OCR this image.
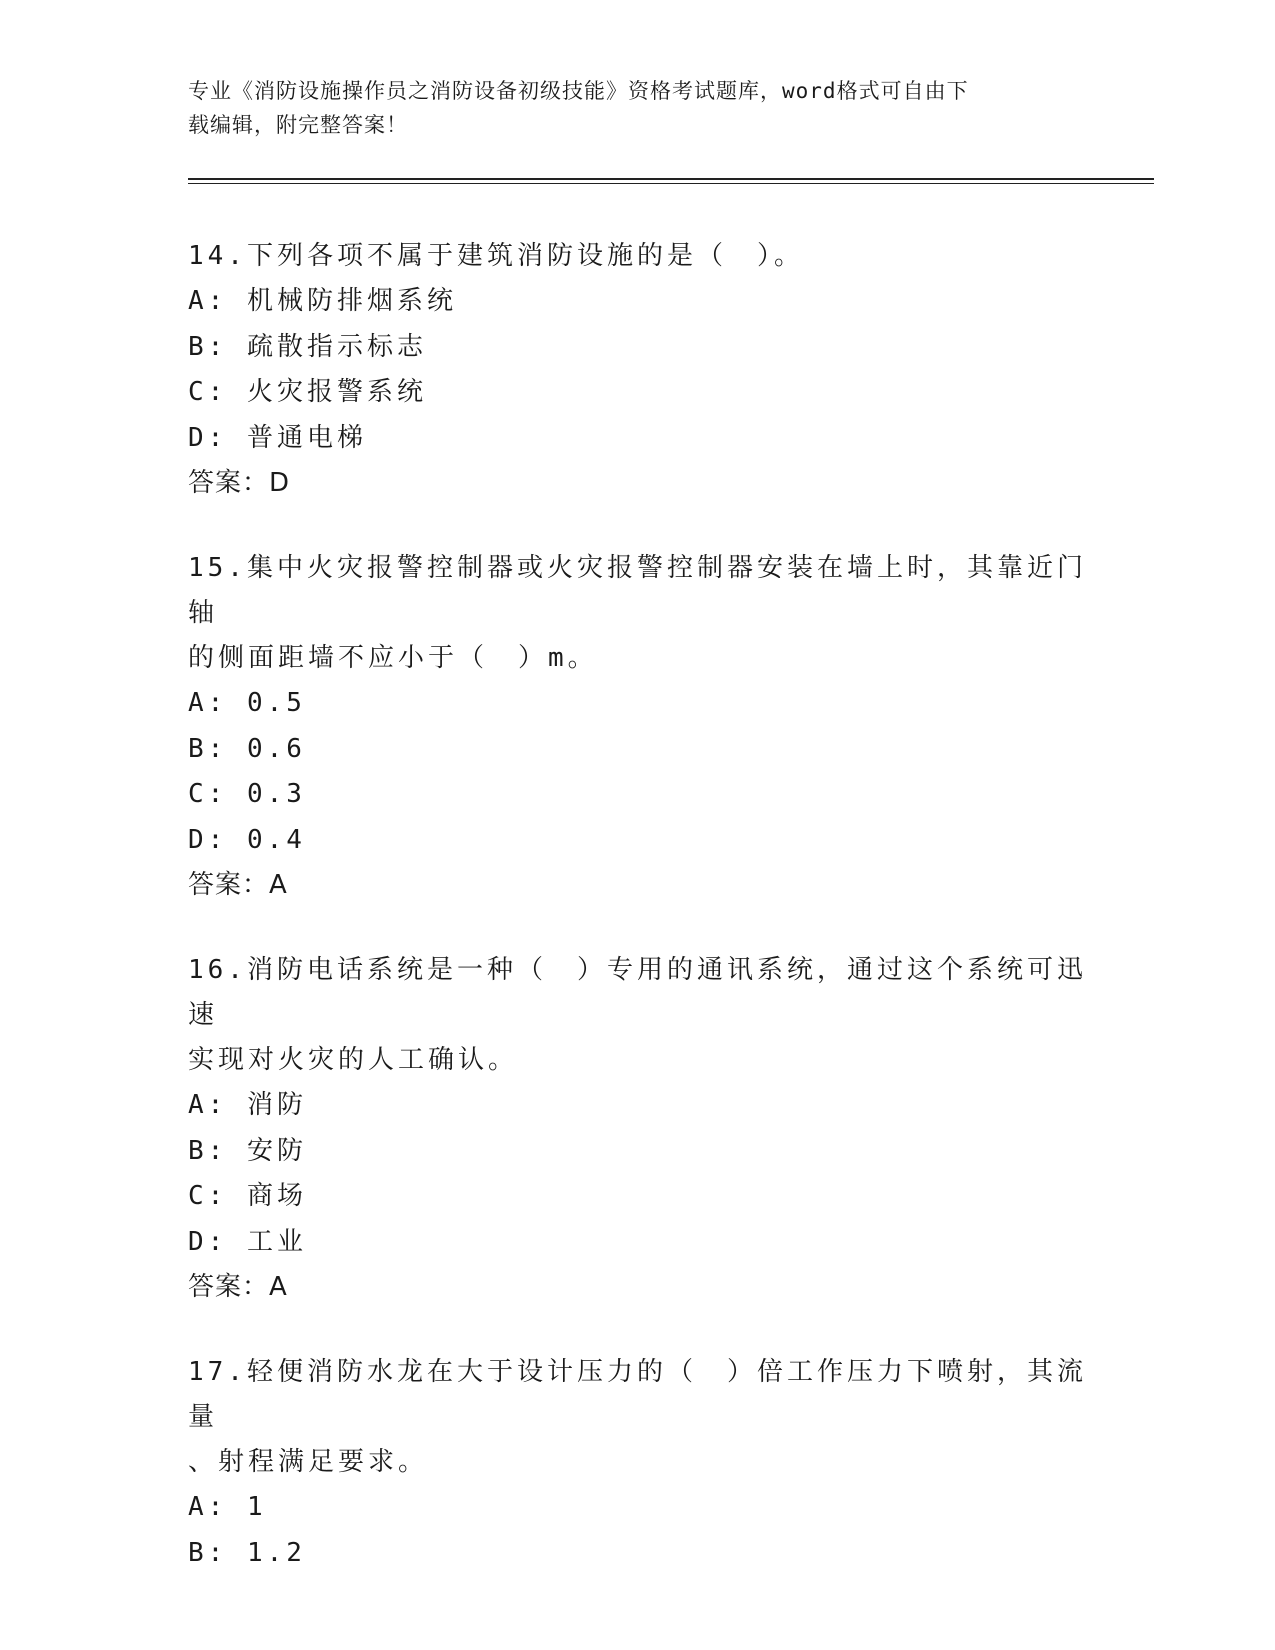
专业《消防设施操作员之消防设备初级技能》资格考试题库，word格式可自由下
载编辑，附完整答案！

14.下列各项不属于建筑消防设施的是（　）。

A: 机械防排烟系统

B: 疏散指示标志

C: 火灾报警系统

D: 普通电梯

答案：D

15.集中火灾报警控制器或火灾报警控制器安装在墙上时，其靠近门轴

的侧面距墙不应小于（　）m。

A: 0.5

B: 0.6

C: 0.3

D: 0.4

答案：A

16.消防电话系统是一种（　）专用的通讯系统，通过这个系统可迅速

实现对火灾的人工确认。

A: 消防

B: 安防

C: 商场

D: 工业

答案：A

17.轻便消防水龙在大于设计压力的（　）倍工作压力下喷射，其流量

、射程满足要求。

A: 1

B: 1.2
